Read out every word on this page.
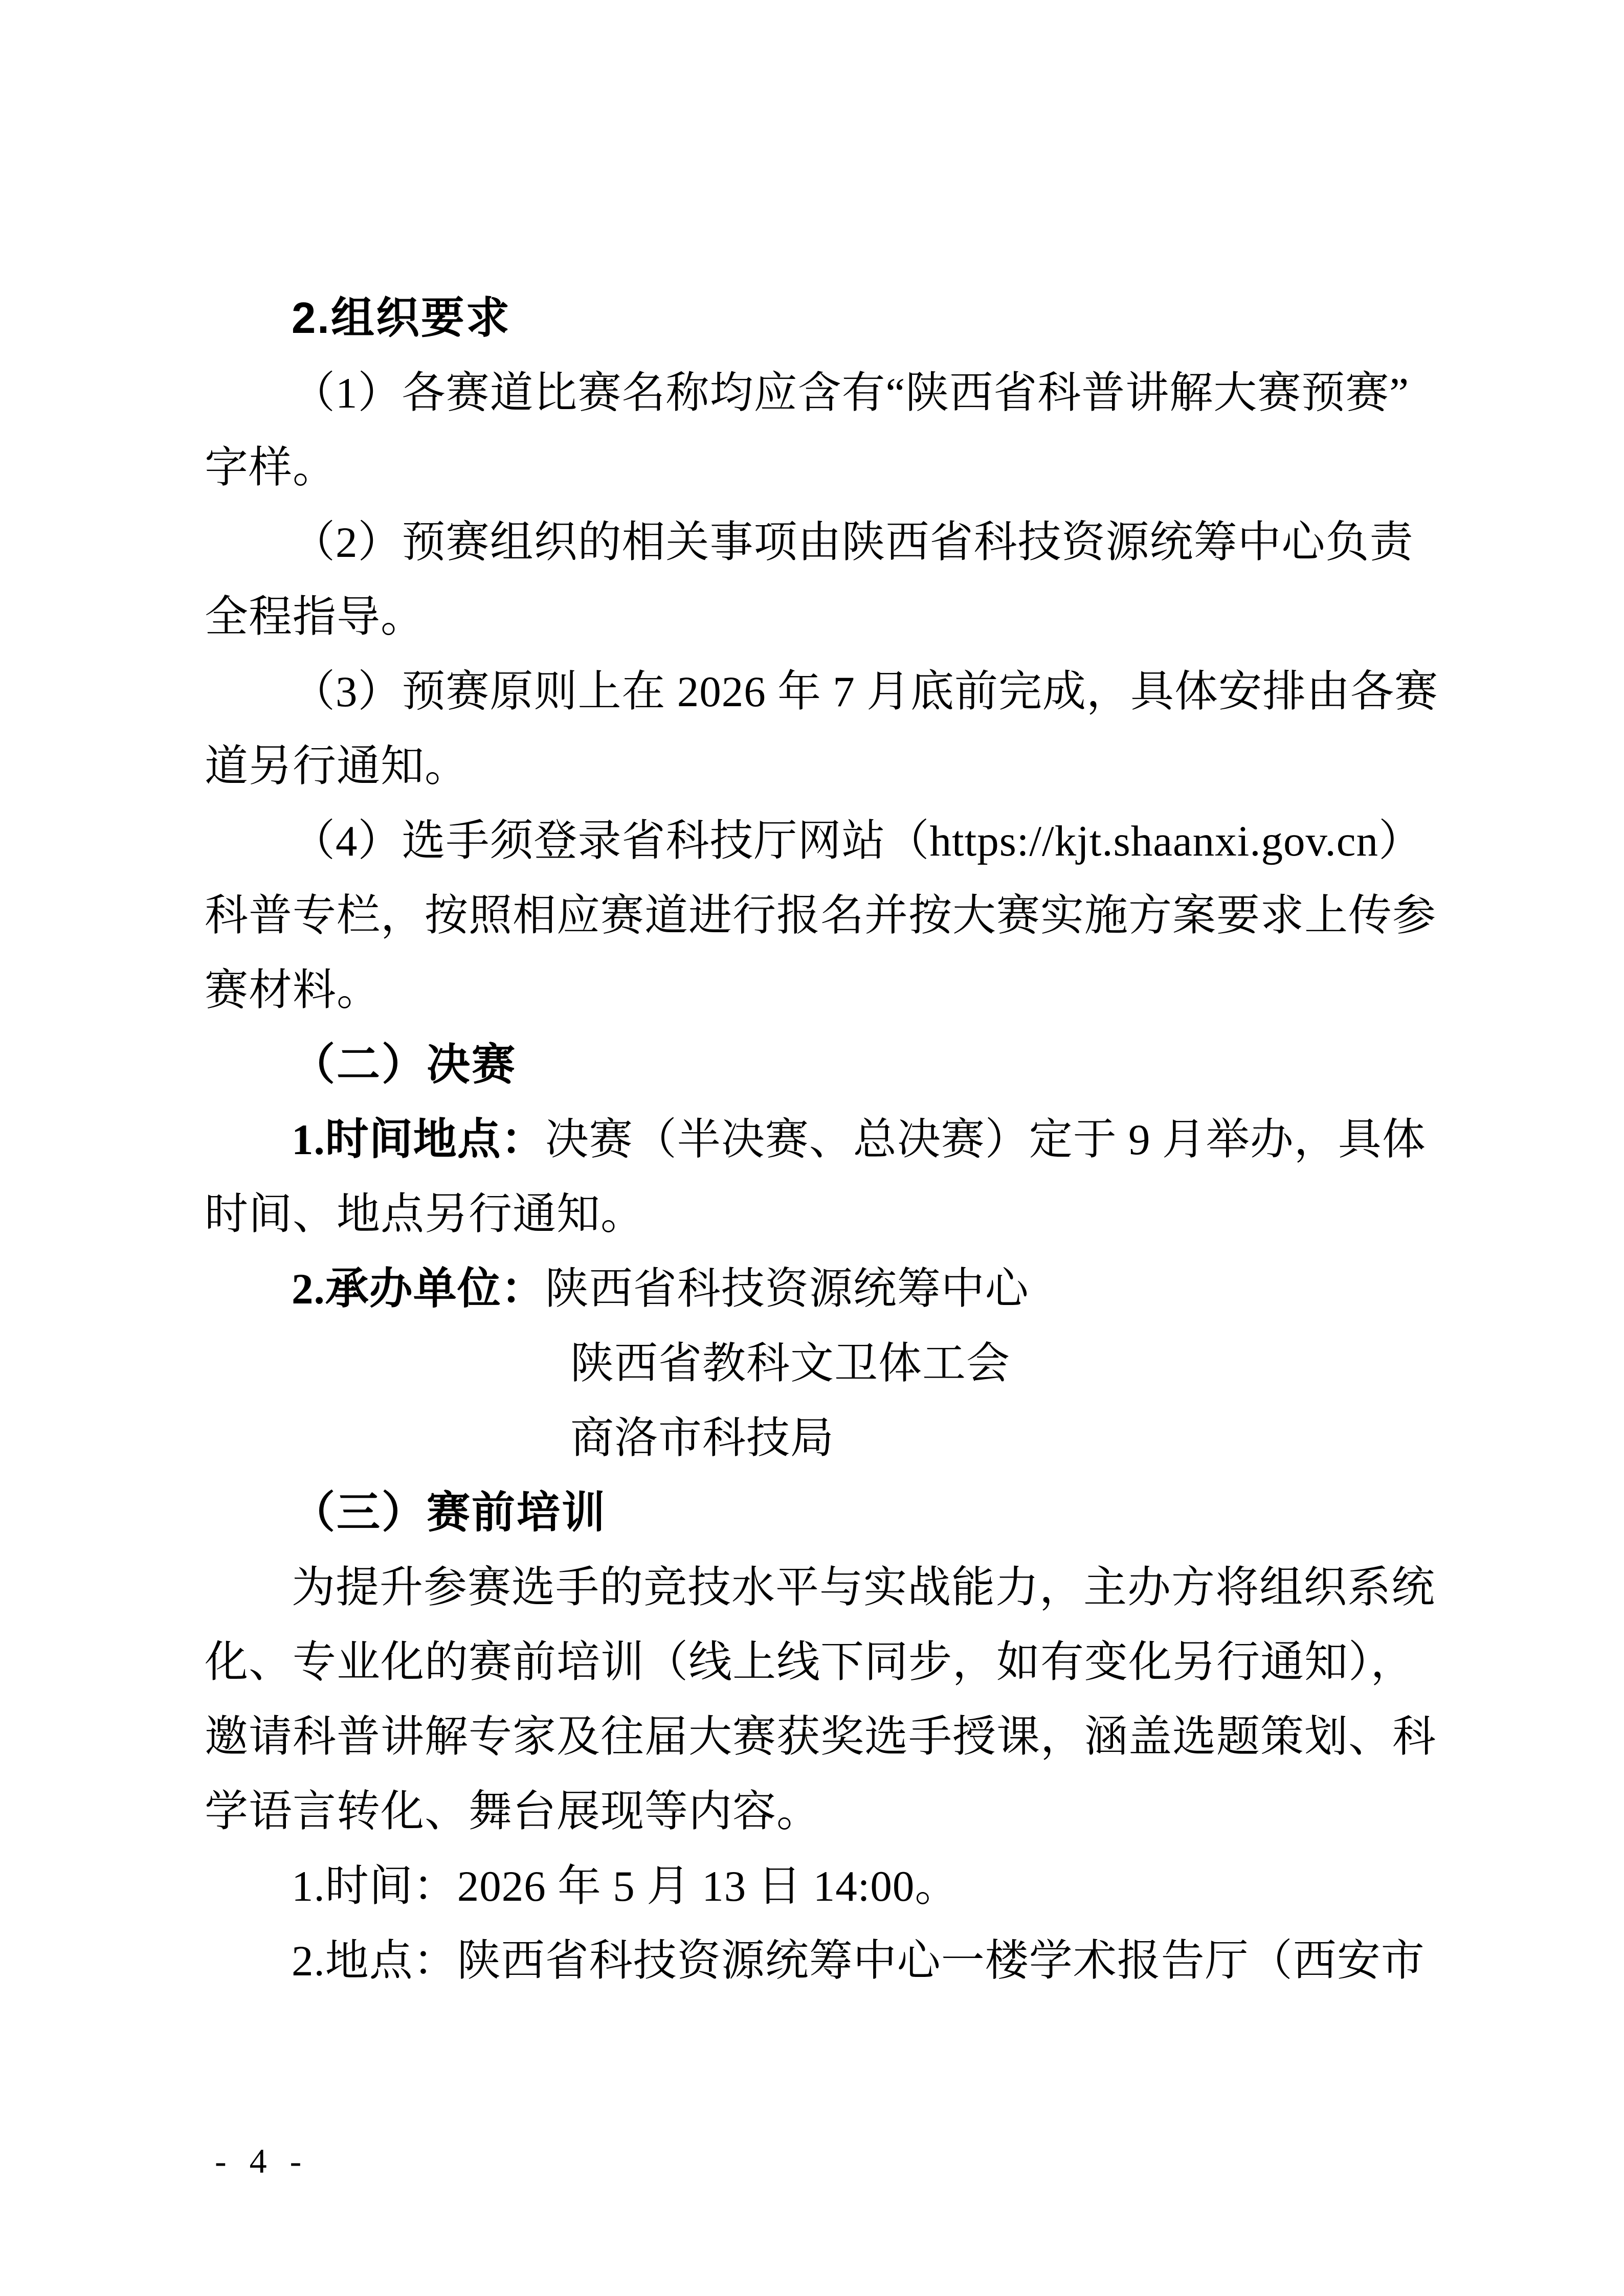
2.组织要求
（1）各赛道比赛名称均应含有“陕西省科普讲解大赛预赛”
字样。
（2）预赛组织的相关事项由陕西省科技资源统筹中心负责
全程指导。
（3）预赛原则上在 2026 年 7 月底前完成，具体安排由各赛
道另行通知。
（4）选手须登录省科技厅网站（https://kjt.shaanxi.gov.cn）
科普专栏，按照相应赛道进行报名并按大赛实施方案要求上传参
赛材料。
（二）决赛
1.时间地点：决赛（半决赛、总决赛）定于 9 月举办，具体
时间、地点另行通知。
2.承办单位：陕西省科技资源统筹中心
陕西省教科文卫体工会
商洛市科技局
（三）赛前培训
为提升参赛选手的竞技水平与实战能力，主办方将组织系统
化、专业化的赛前培训（线上线下同步，如有变化另行通知），
邀请科普讲解专家及往届大赛获奖选手授课，涵盖选题策划、科
学语言转化、舞台展现等内容。
1.时间：2026 年 5 月 13 日 14:00。
2.地点：陕西省科技资源统筹中心一楼学术报告厅（西安市
- 4 -
